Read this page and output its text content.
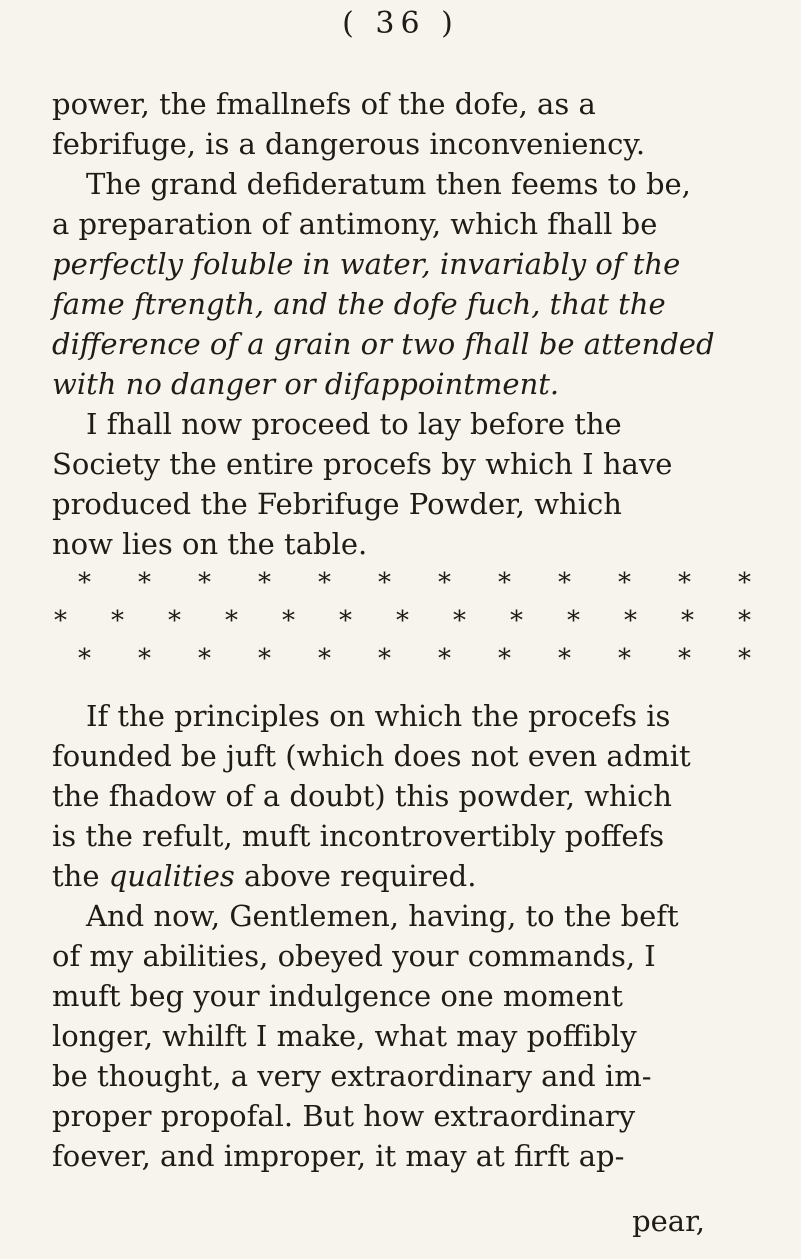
( 36 )
power, the fmallnefs of the dofe, as a
febrifuge, is a dangerous inconveniency.
The grand defideratum then feems to be,
a preparation of antimony, which fhall be
perfectly foluble in water, invariably of the
fame ftrength, and the dofe fuch, that the
difference of a grain or two fhall be attended
with no danger or difappointment.
I fhall now proceed to lay before the
Society the entire procefs by which I have
produced the Febrifuge Powder, which
now lies on the table.
* * * * * * * * * * * *
* * * * * * * * * * * * *
* * * * * * * * * * * *
If the principles on which the procefs is
founded be juft (which does not even admit
the fhadow of a doubt) this powder, which
is the refult, muft incontrovertibly poffefs
the qualities above required.
And now, Gentlemen, having, to the beft
of my abilities, obeyed your commands, I
muft beg your indulgence one moment
longer, whilft I make, what may poffibly
be thought, a very extraordinary and im-
proper propofal. But how extraordinary
foever, and improper, it may at firft ap-
pear,
